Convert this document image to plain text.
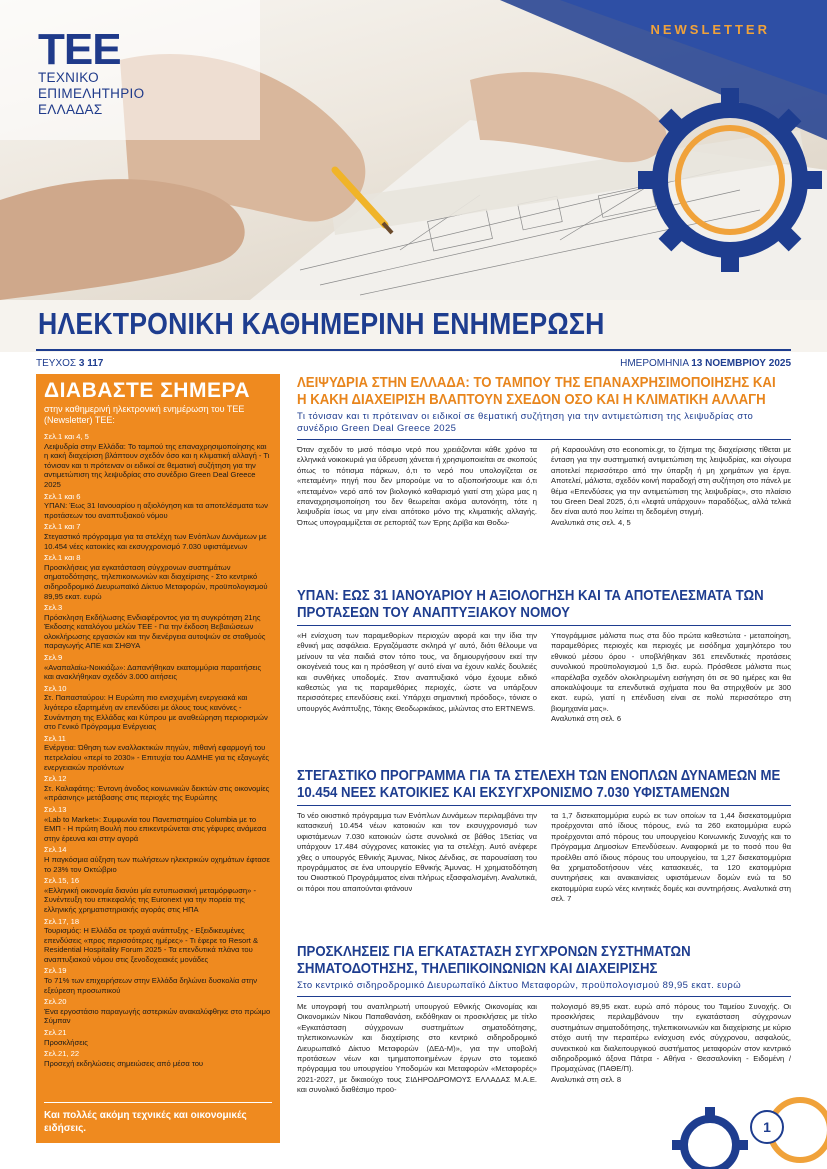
ΤΕΕ
ΤΕΧΝΙΚΟ
ΕΠΙΜΕΛΗΤΗΡΙΟ
ΕΛΛΑΔΑΣ
NEWSLETTER
ΗΛΕΚΤΡΟΝΙΚΗ ΚΑΘΗΜΕΡΙΝΗ ΕΝΗΜΕΡΩΣΗ
ΤΕΥΧΟΣ 3 117	ΗΜΕΡΟΜΗΝΙΑ 13 ΝΟΕΜΒΡΙΟΥ 2025
ΔΙΑΒΑΣΤΕ ΣΗΜΕΡΑ
στην καθημερινή ηλεκτρονική ενημέρωση του ΤΕΕ (Newsletter) ΤΕΕ:
Σελ.1 και 4, 5
Λειψυδρία στην Ελλάδα: Το ταμπού της επαναχρησιμοποίησης και η κακή διαχείριση βλάπτουν σχεδόν όσο και η κλιματική αλλαγή - Τι τόνισαν και τι πρότειναν οι ειδικοί σε θεματική συζήτηση για την αντιμετώπιση της λειψυδρίας στο συνέδριο Green Deal Greece 2025
Σελ.1 και 6
ΥΠΑΝ: Έως 31 Ιανουαρίου η αξιολόγηση και τα αποτελέσματα των προτάσεων του αναπτυξιακού νόμου
Σελ.1 και 7
Στεγαστικό πρόγραμμα για τα στελέχη των Ενόπλων Δυνάμεων με 10.454 νέες κατοικίες και εκσυγχρονισμό 7.030 υφιστάμενων
Σελ.1 και 8
Προσκλήσεις για εγκατάσταση σύγχρονων συστημάτων σηματοδότησης, τηλεπικοινωνιών και διαχείρισης - Στο κεντρικό σιδηροδρομικό Διευρωπαϊκό Δίκτυο Μεταφορών, προϋπολογισμού 89,95 εκατ. ευρώ
Σελ.3
Πρόσκληση Εκδήλωσης Ενδιαφέροντος για τη συγκρότηση 21ης Έκδοσης καταλόγου μελών ΤΕΕ - Για την έκδοση Βεβαιώσεων ολοκλήρωσης εργασιών και την διενέργεια αυτοψιών σε σταθμούς παραγωγής ΑΠΕ και ΣΗΘΥΑ
Σελ.9
«Αναπαλαίω-Νοικιάζω»: Δαπανήθηκαν εκατομμύρια παραιτήσεις και ανακλήθηκαν σχεδόν 3.000 αιτήσεις
Σελ.10
Στ. Παπασταύρου: Η Ευρώπη πιο ενισχυμένη ενεργειακά και λιγότερο εξαρτημένη αν επενδύσει με όλους τους κανόνες - Συνάντηση της Ελλάδας και Κύπρου με αναθεώρηση περιορισμών στο Γενικό Πρόγραμμα Ενέργειας
Σελ.11
Ενέργεια: Ώθηση των εναλλακτικών πηγών, πιθανή εφαρμογή του πετρελαίου «περί το 2030» - Επιτυχία του ΑΔΜΗΕ για τις εξαγωγές ενεργειακών προϊόντων
Σελ.12
Στ. Καλαφάτης: Έντονη άνοδος κοινωνικών δεικτών στις οικονομίες «πράσινης» μετάβασης στις περιοχές της Ευρώπης
Σελ.13
«Lab to Market»: Συμφωνία του Πανεπιστημίου Columbia με το ΕΜΠ - Η πρώτη Βουλή που επικεντρώνεται στις γέφυρες ανάμεσα στην έρευνα και στην αγορά
Σελ.14
Η παγκόσμια αύξηση των πωλήσεων ηλεκτρικών οχημάτων έφτασε το 23% τον Οκτώβριο
Σελ.15, 16
«Ελληνική οικονομία διανύει μία εντυπωσιακή μεταμόρφωση» - Συνέντευξη του επικεφαλής της Euronext για την πορεία της ελληνικής χρηματιστηριακής αγοράς στις ΗΠΑ
Σελ.17, 18
Τουρισμός: Η Ελλάδα σε τροχιά ανάπτυξης - Εξειδικευμένες επενδύσεις «προς περισσότερες ημέρες» - Τι έφερε το Resort & Residential Hospitality Forum 2025 - Τα επενδυτικά πλάνα του αναπτυξιακού νόμου στις ξενοδοχειακές μονάδες
Σελ.19
Το 71% των επιχειρήσεων στην Ελλάδα δηλώνει δυσκολία στην εξεύρεση προσωπικού
Σελ.20
Ένα εργοστάσιο παραγωγής αστερικών ανακαλύφθηκε στο πρώιμο Σύμπαν
Σελ.21
Προσκλήσεις
Σελ.21, 22
Προσεχή εκδηλώσεις σημειώσεις από μέσα του
Και πολλές ακόμη τεχνικές και οικονομικές ειδήσεις.
ΛΕΙΨΥΔΡΙΑ ΣΤΗΝ ΕΛΛΑΔΑ: ΤΟ ΤΑΜΠΟΥ ΤΗΣ ΕΠΑΝΑΧΡΗΣΙΜΟΠΟΙΗΣΗΣ ΚΑΙ Η ΚΑΚΗ ΔΙΑΧΕΙΡΙΣΗ ΒΛΑΠΤΟΥΝ ΣΧΕΔΟΝ ΟΣΟ ΚΑΙ Η ΚΛΙΜΑΤΙΚΗ ΑΛΛΑΓΗ
Τι τόνισαν και τι πρότειναν οι ειδικοί σε θεματική συζήτηση για την αντιμετώπιση της λειψυδρίας στο συνέδριο Green Deal Greece 2025

Όταν σχεδόν το μισό πόσιμο νερό που χρειάζονται κάθε χρόνο τα ελληνικά νοικοκυριά για ύδρευση χάνεται ή χρησιμοποιείται σε σκοπούς όπως το πότισμα πάρκων, ό,τι το νερό που υπολογίζεται σε «πεταμένη» πηγή που δεν μπορούμε να το αξιοποιήσουμε και ό,τι «πεταμένο» νερό από τον βιολογικό καθαρισμό γιατί στη χώρα μας η επαναχρησιμοποίηση του δεν θεωρείται ακόμα αυτονόητη, τότε η λειψυδρία ίσως να μην είναι απότοκο μόνο της κλιματικής αλλαγής. Όπως υπογραμμίζεται σε ρεπορτάζ των Έρης Δρίβα και Θοδω-

ρή Καραουλάνη στο economix.gr, το ζήτημα της διαχείρισης τίθεται με ένταση για την συστηματική αντιμετώπιση της λειψυδρίας, και σίγουρα αποτελεί περισσότερο από την ύπαρξη ή μη χρημάτων για έργα. Αποτελεί, μάλιστα, σχεδόν κοινή παραδοχή στη συζήτηση στο πάνελ με θέμα «Επενδύσεις για την αντιμετώπιση της λειψυδρίας», στο πλαίσιο του Green Deal 2025, ό,τι «λεφτά υπάρχουν» παραδόξως, αλλά τελικά δεν είναι αυτό που λείπει τη δεδομένη στιγμή.

Αναλυτικά στις σελ. 4, 5
ΥΠΑΝ: ΕΩΣ 31 ΙΑΝΟΥΑΡΙΟΥ Η ΑΞΙΟΛΟΓΗΣΗ ΚΑΙ ΤΑ ΑΠΟΤΕΛΕΣΜΑΤΑ ΤΩΝ ΠΡΟΤΑΣΕΩΝ ΤΟΥ ΑΝΑΠΤΥΞΙΑΚΟΥ ΝΟΜΟΥ

«Η ενίσχυση των παραμεθορίων περιοχών αφορά και την ίδια την εθνική μας ασφάλεια. Εργαζόμαστε σκληρά γι' αυτό, διότι θέλουμε να μείνουν τα νέα παιδιά στον τόπο τους, να δημιουργήσουν εκεί την οικογένειά τους και η πρόσθεση γι' αυτό είναι να έχουν καλές δουλειές και συνθήκες υποδομές. Στον αναπτυξιακό νόμο έχουμε ειδικό καθεστώς για τις παραμεθόριες περιοχές, ώστε να υπάρξουν περισσότερες επενδύσεις εκεί. Υπάρχει σημαντική πρόοδος», τόνισε ο υπουργός Ανάπτυξης, Τάκης Θεοδωρικάκος, μιλώντας στο ERTNEWS.

Υπογράμμισε μάλιστα πως στα δύο πρώτα καθεστώτα - μεταποίηση, παραμεθόριες περιοχές και περιοχές με εισόδημα χαμηλότερο του εθνικού μέσου όρου - υποβλήθηκαν 361 επενδυτικές προτάσεις συνολικού προϋπολογισμού 1,5 δισ. ευρώ. Πρόσθεσε μάλιστα πως «παρέλαβα σχεδόν ολοκληρωμένη εισήγηση ότι σε 90 ημέρες και θα αποκαλύψουμε τα επενδυτικά σχήματα που θα στηριχθούν με 300 εκατ. ευρώ, γιατί η επένδυση είναι σε πολύ περισσότερο στη βιομηχανία μας».

Αναλυτικά στη σελ. 6
ΣΤΕΓΑΣΤΙΚΟ ΠΡΟΓΡΑΜΜΑ ΓΙΑ ΤΑ ΣΤΕΛΕΧΗ ΤΩΝ ΕΝΟΠΛΩΝ ΔΥΝΑΜΕΩΝ ΜΕ 10.454 ΝΕΕΣ ΚΑΤΟΙΚΙΕΣ ΚΑΙ ΕΚΣΥΓΧΡΟΝΙΣΜΟ 7.030 ΥΦΙΣΤΑΜΕΝΩΝ

Το νέο οικιστικό πρόγραμμα των Ενόπλων Δυνάμεων περιλαμβάνει την κατασκευή 10.454 νέων κατοικιών και τον εκσυγχρονισμό των υφιστάμενων 7.030 κατοικιών ώστε συνολικά σε βάθος 15ετίας να υπάρχουν 17.484 σύγχρονες κατοικίες για τα στελέχη. Αυτό ανέφερε χθες ο υπουργός Εθνικής Άμυνας, Νίκος Δένδιας, σε παρουσίαση του προγράμματος σε ένα υπουργείο Εθνικής Άμυνας. Η χρηματοδότηση του Οικιστικού Προγράμματος είναι πλήρως εξασφαλισμένη. Αναλυτικά, οι πόροι που απαιτούνται φτάνουν

τα 1,7 δισεκατομμύρια ευρώ εκ των οποίων τα 1,44 δισεκατομμύρια προέρχονται από ίδιους πόρους, ενώ τα 260 εκατομμύρια ευρώ προέρχονται από πόρους του υπουργείου Κοινωνικής Συνοχής και το Πρόγραμμα Δημοσίων Επενδύσεων. Αναφορικά με το ποσό που θα προέλθει από ίδιους πόρους του υπουργείου, τα 1,27 δισεκατομμύρια θα χρηματοδοτήσουν νέες κατασκευές, τα 120 εκατομμύρια συντηρήσεις και ανακαινίσεις υφιστάμενων δομών ενώ τα 50 εκατομμύρια ευρώ νέες κινητικές δομές και συντηρήσεις. Αναλυτικά στη σελ. 7

ΠΡΟΣΚΛΗΣΕΙΣ ΓΙΑ ΕΓΚΑΤΑΣΤΑΣΗ ΣΥΓΧΡΟΝΩΝ ΣΥΣΤΗΜΑΤΩΝ ΣΗΜΑΤΟΔΟΤΗΣΗΣ, ΤΗΛΕΠΙΚΟΙΝΩΝΙΩΝ ΚΑΙ ΔΙΑΧΕΙΡΙΣΗΣ
Στο κεντρικό σιδηροδρομικό Διευρωπαϊκό Δίκτυο Μεταφορών, προϋπολογισμού 89,95 εκατ. ευρώ

Με υπογραφή του αναπληρωτή υπουργού Εθνικής Οικονομίας και Οικονομικών Νίκου Παπαθανάση, εκδόθηκαν οι προσκλήσεις με τίτλο «Εγκατάσταση σύγχρονων συστημάτων σηματοδότησης, τηλεπικοινωνιών και διαχείρισης στο κεντρικό σιδηροδρομικό Διευρωπαϊκό Δίκτυο Μεταφορών (ΔΕΔ-Μ)», για την υποβολή προτάσεων νέων και τμηματοποιημένων έργων στο τομεακό πρόγραμμα του υπουργείου Υποδομών και Μεταφορών «Μεταφορές» 2021-2027, με δικαιούχο τους ΣΙΔΗΡΟΔΡΟΜΟΥΣ ΕΛΛΑΔΑΣ Μ.Α.Ε. και συνολικό διαθέσιμο προϋ-

πολογισμό 89,95 εκατ. ευρώ από πόρους του Ταμείου Συνοχής. Οι προσκλήσεις περιλαμβάνουν την εγκατάσταση σύγχρονων συστημάτων σηματοδότησης, τηλεπικοινωνιών και διαχείρισης με κύριο στόχο αυτή την περαιτέρω ενίσχυση ενός σύγχρονου, ασφαλούς, συνεκτικού και διαλειτουργικού συστήματος μεταφορών στον κεντρικό σιδηροδρομικό άξονα Πάτρα - Αθήνα - Θεσσαλονίκη - Ειδομένη / Προμαχώνας (ΠΑΘΕ/Π).

Αναλυτικά στη σελ. 8
1
